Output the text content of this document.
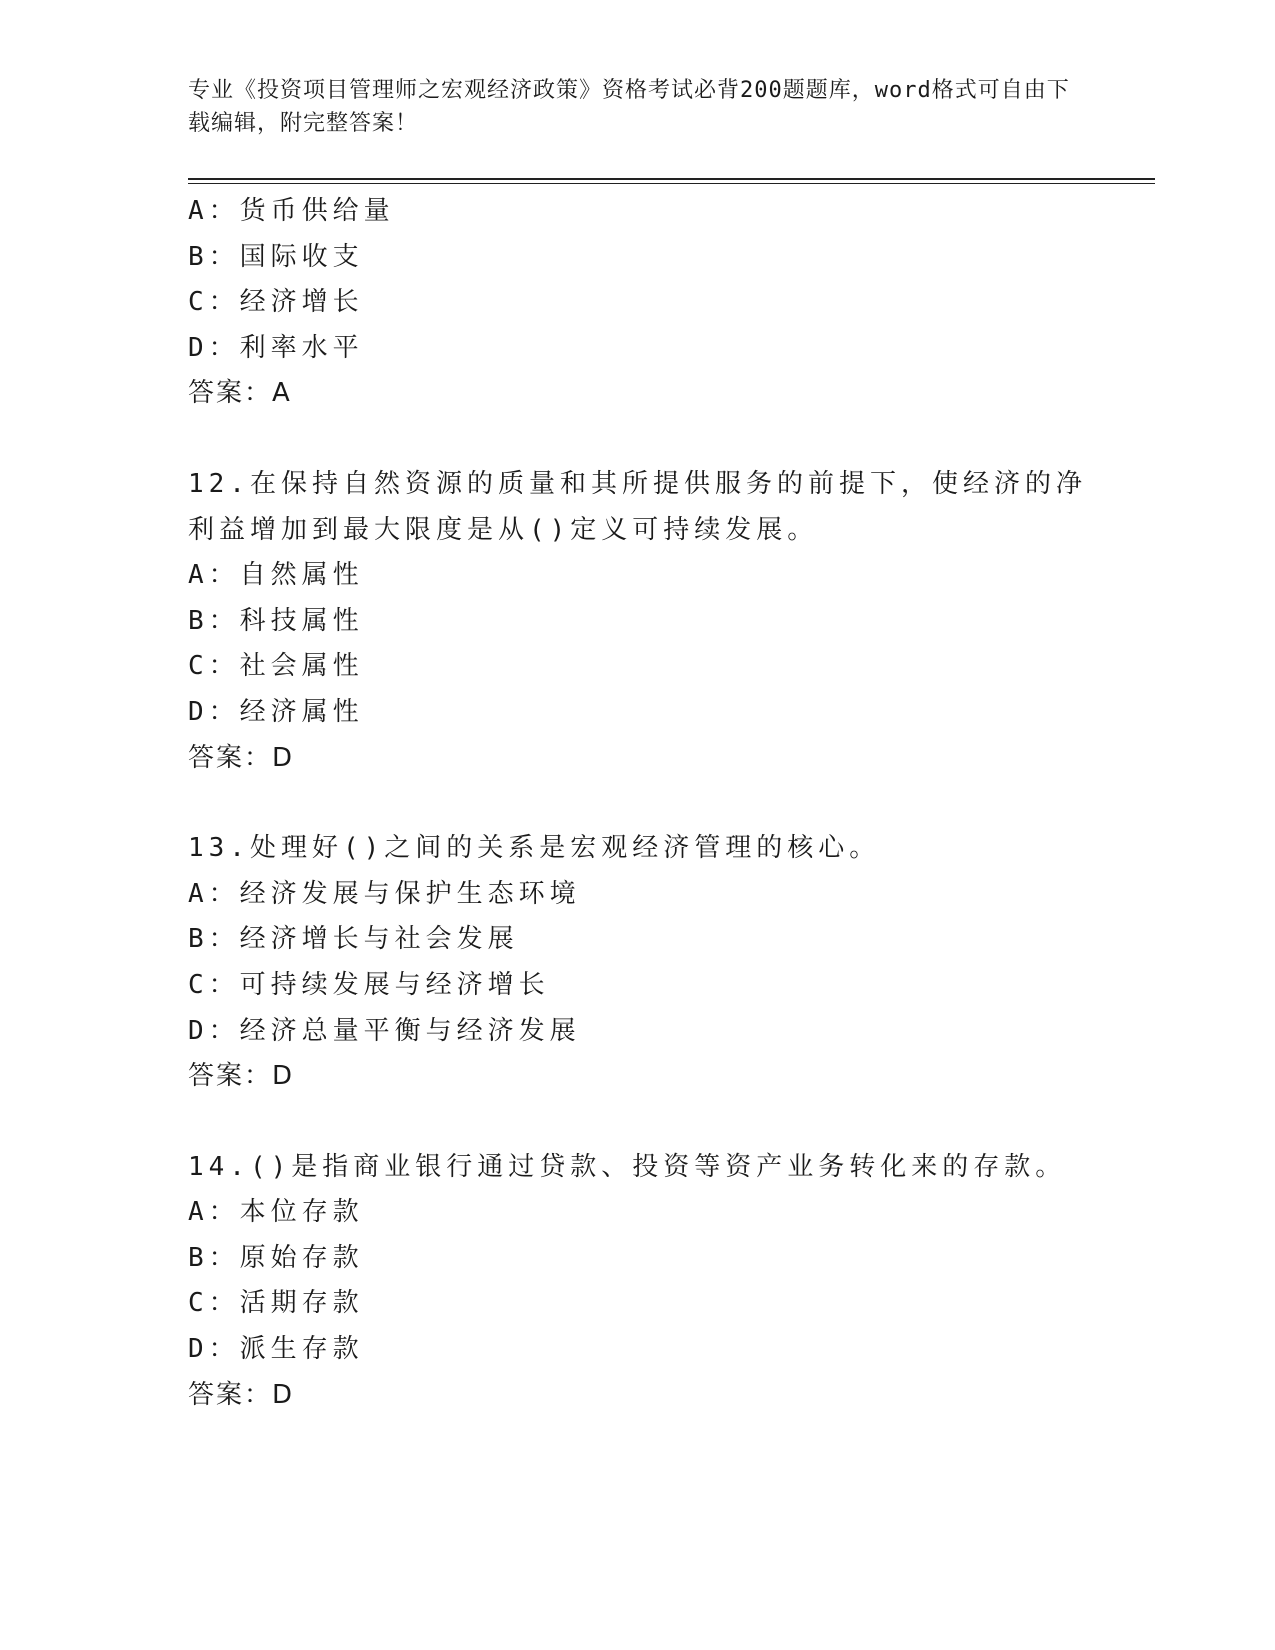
专业《投资项目管理师之宏观经济政策》资格考试必背200题题库，word格式可自由下载编辑，附完整答案！
A：货币供给量
B：国际收支
C：经济增长
D：利率水平
答案：A
12.在保持自然资源的质量和其所提供服务的前提下，使经济的净利益增加到最大限度是从()定义可持续发展。
A：自然属性
B：科技属性
C：社会属性
D：经济属性
答案：D
13.处理好()之间的关系是宏观经济管理的核心。
A：经济发展与保护生态环境
B：经济增长与社会发展
C：可持续发展与经济增长
D：经济总量平衡与经济发展
答案：D
14.()是指商业银行通过贷款、投资等资产业务转化来的存款。
A：本位存款
B：原始存款
C：活期存款
D：派生存款
答案：D
